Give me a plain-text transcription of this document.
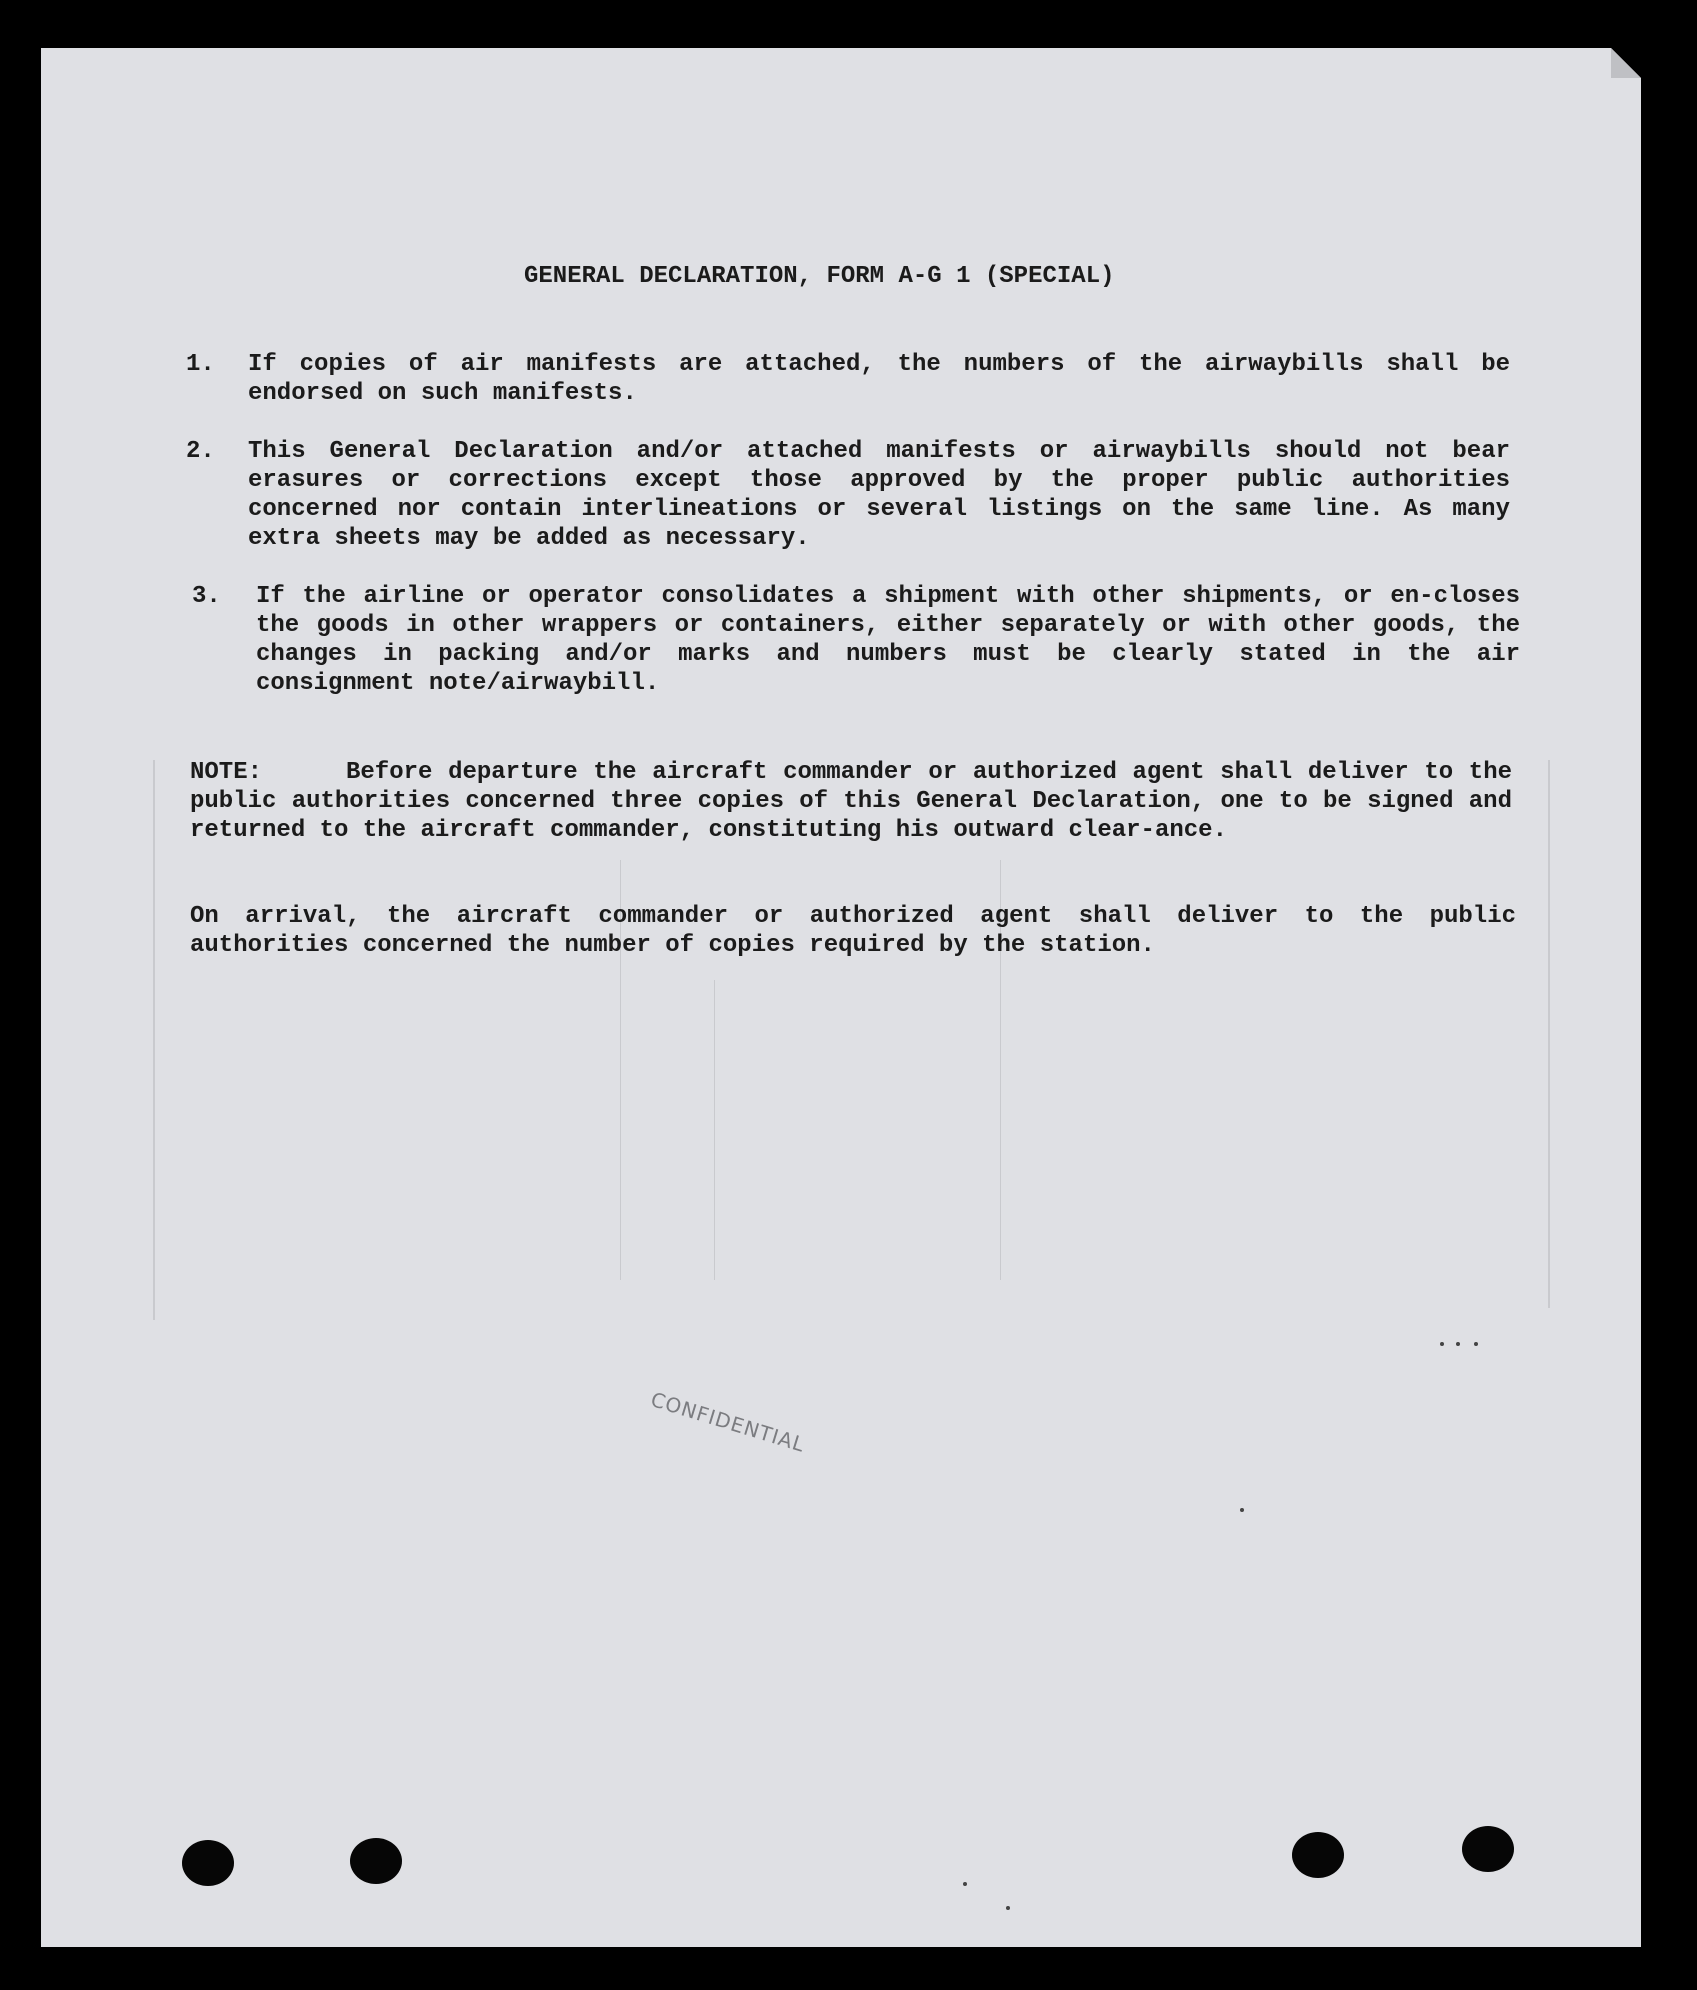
GENERAL DECLARATION, FORM A-G 1 (SPECIAL)
1. If copies of air manifests are attached, the numbers of the airwaybills shall be endorsed on such manifests.
2. This General Declaration and/or attached manifests or airwaybills should not bear erasures or corrections except those approved by the proper public authorities concerned nor contain interlineations or several listings on the same line. As many extra sheets may be added as necessary.
3. If the airline or operator consolidates a shipment with other shipments, or en-closes the goods in other wrappers or containers, either separately or with other goods, the changes in packing and/or marks and numbers must be clearly stated in the air consignment note/airwaybill.
NOTE:	Before departure the aircraft commander or authorized agent shall deliver to the public authorities concerned three copies of this General Declaration, one to be signed and returned to the aircraft commander, constituting his outward clear-ance.
On arrival, the aircraft commander or authorized agent shall deliver to the public authorities concerned the number of copies required by the station.
CONFIDENTIAL
